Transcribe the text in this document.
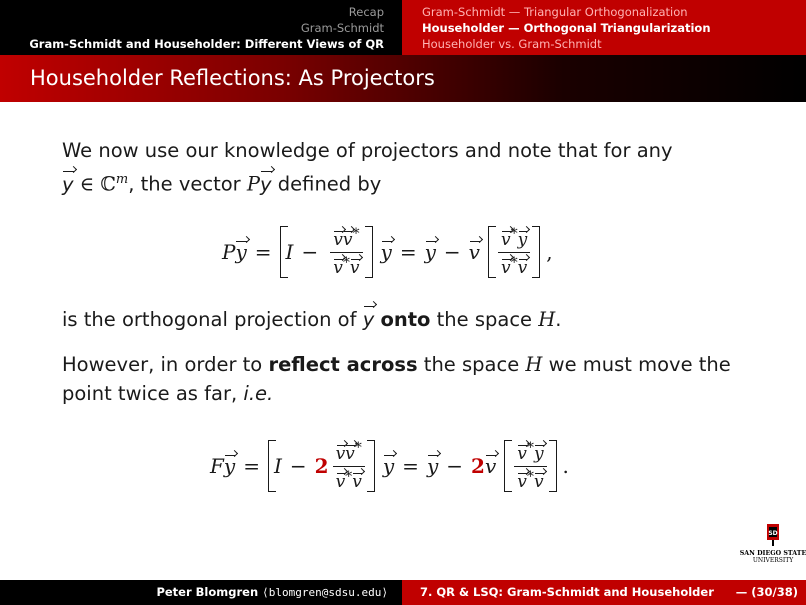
Recap
Gram-Schmidt
Gram-Schmidt and Householder: Different Views of QR
Gram-Schmidt — Triangular Orthogonalization
Householder — Orthogonal Triangularization
Householder vs. Gram-Schmidt
Householder Reflections: As Projectors
We now use our knowledge of projectors and note that for any
y ∈ ℂ$^m$, the vector Py defined by
P $y = I - \frac{vv^*}{v^*v}$ y = y − v $\frac{v^*y}{v^*v}$ ,
is the orthogonal projection of y onto the space H.
However, in order to reflect across the space H we must move the
point twice as far, i.e.
F $y = I - 2 \frac{vv^*}{v^*v}$ y = y − 2 v $\frac{v^*y}{v^*v}$ .
SD
SAN DIEGO STATE
UNIVERSITY
Peter Blomgren ⟨blomgren@sdsu.edu⟩	7. QR & LSQ: Gram-Schmidt and Householder — (30/38)
